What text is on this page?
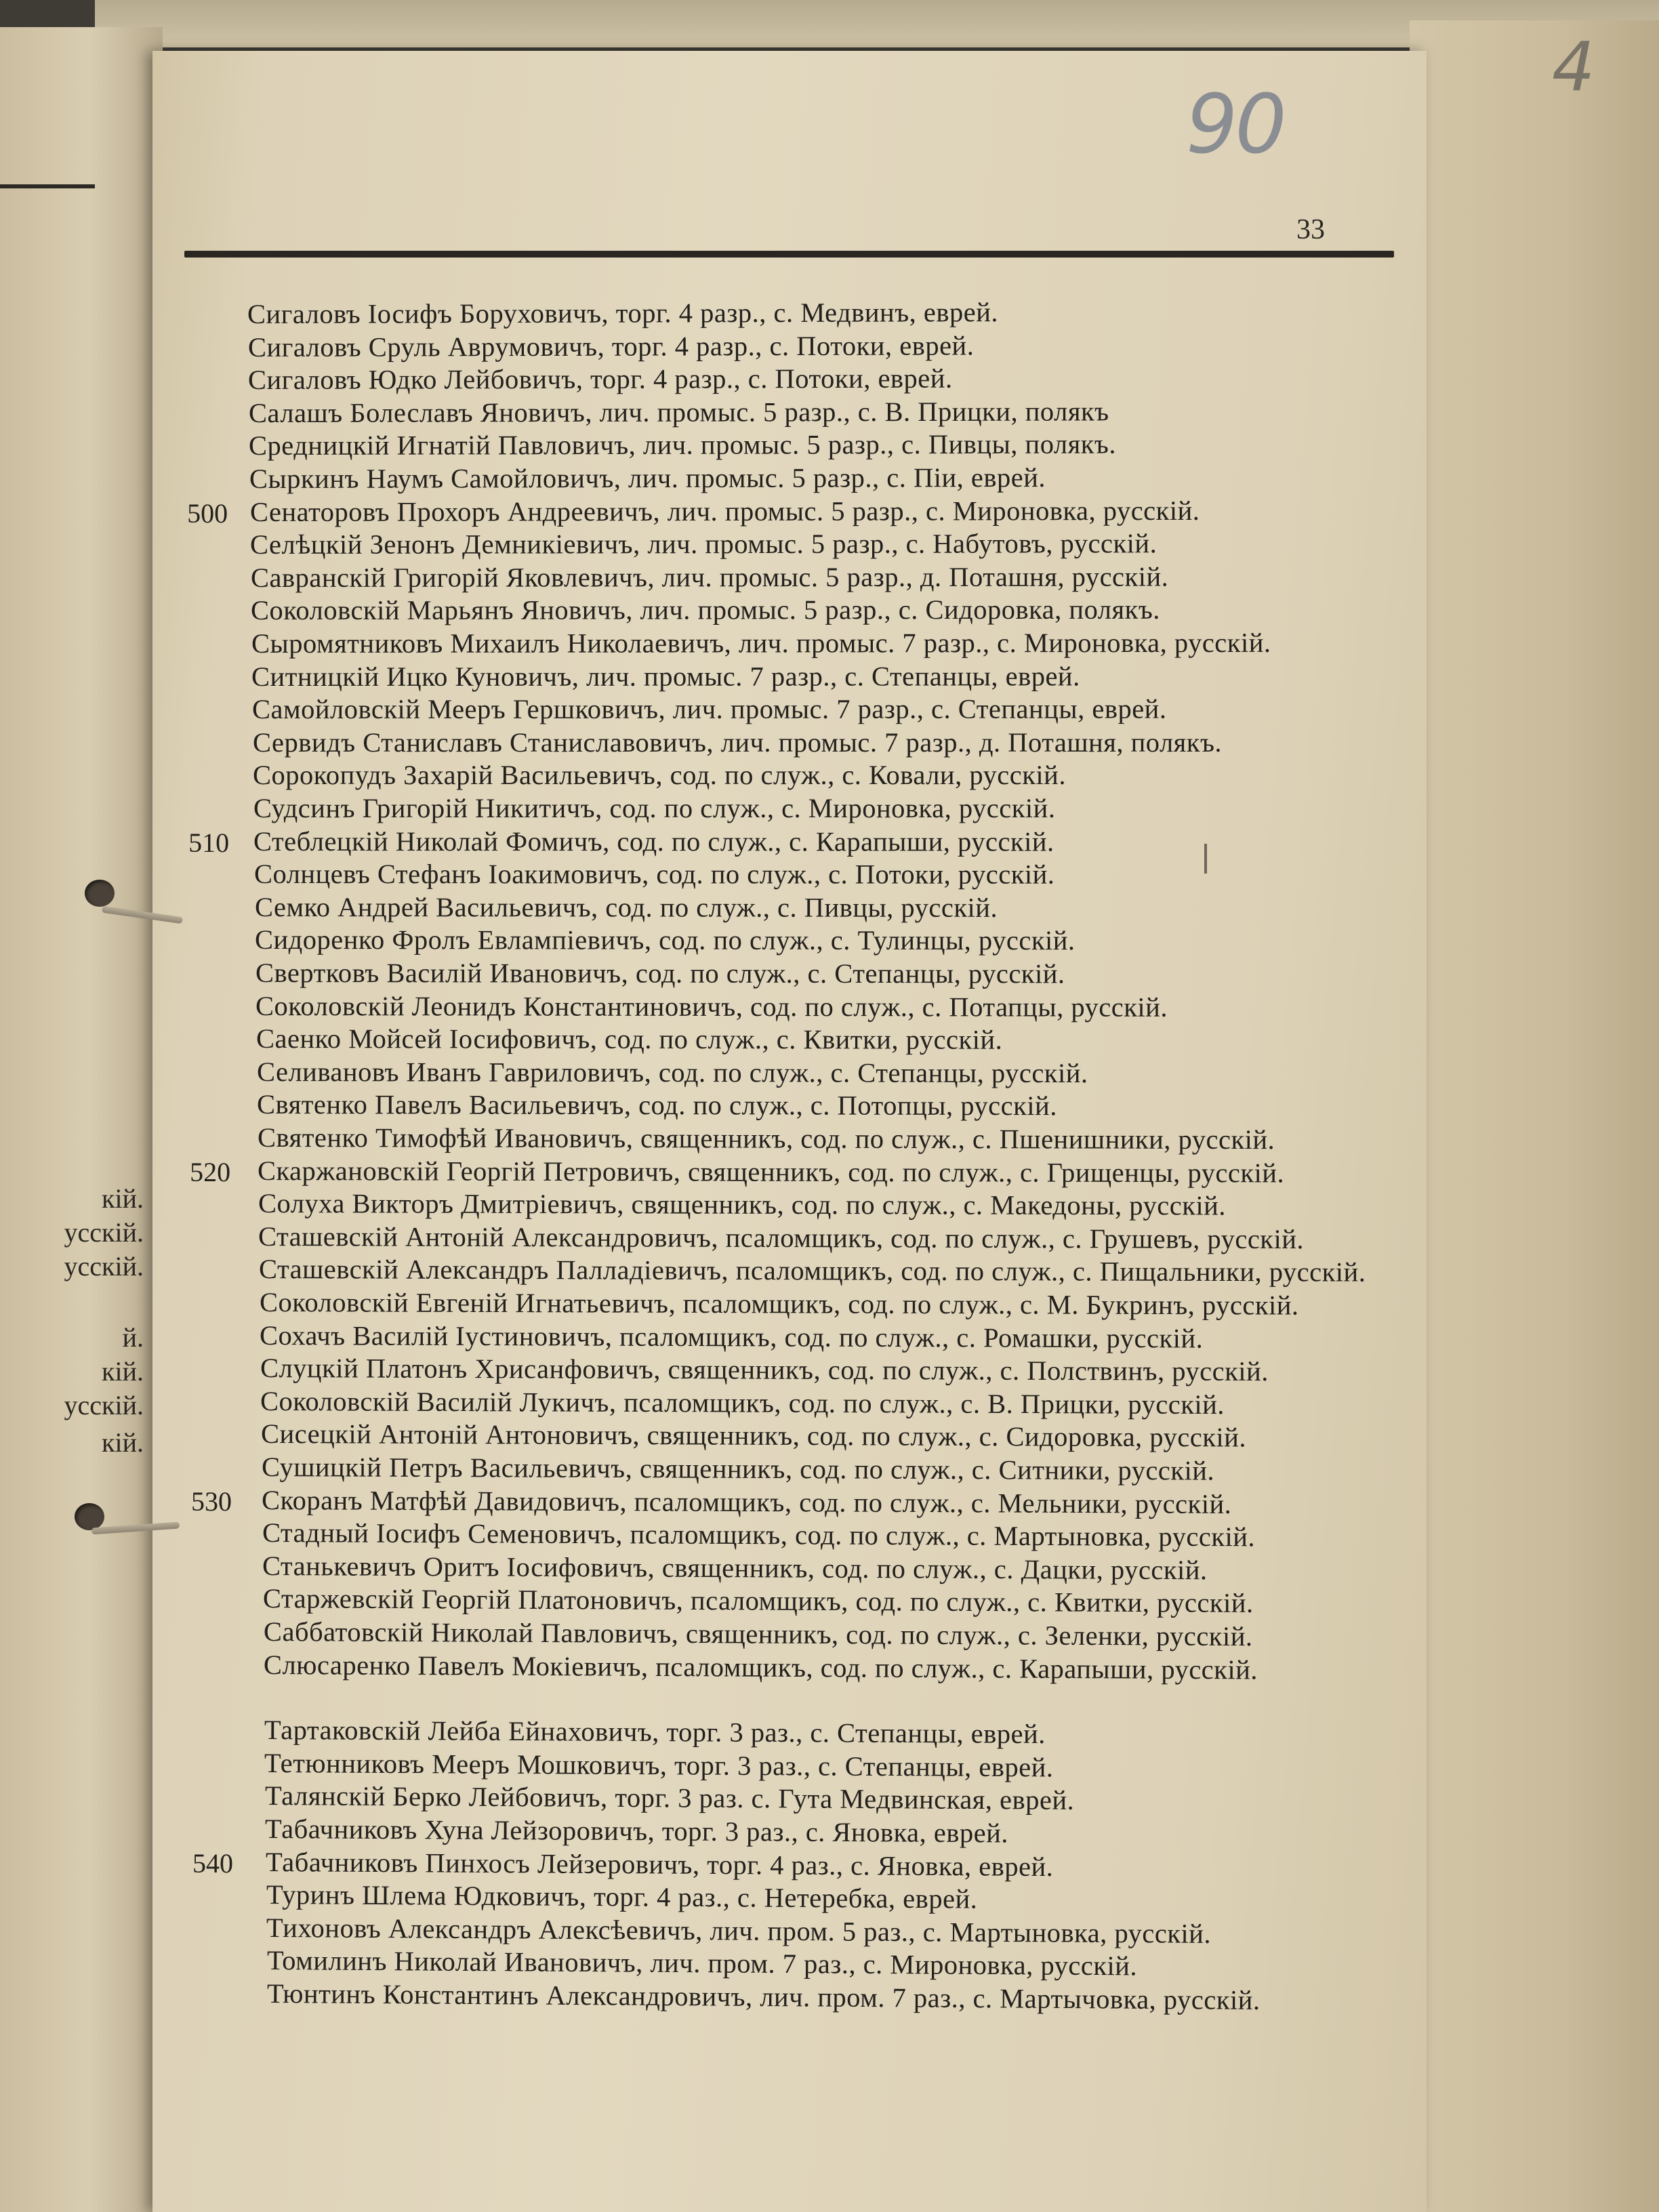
кій.
усскій.
усскій.
й.
кій.
усскій.
кій.
4
90
33
Сигаловъ Іосифъ Боруховичъ, торг. 4 разр., с. Медвинъ, еврей.
Сигаловъ Сруль Аврумовичъ, торг. 4 разр., с. Потоки, еврей.
Сигаловъ Юдко Лейбовичъ, торг. 4 разр., с. Потоки, еврей.
Салашъ Болеславъ Яновичъ, лич. промыс. 5 разр., с. В. Прицки, полякъ
Средницкій Игнатій Павловичъ, лич. промыс. 5 разр., с. Пивцы, полякъ.
Сыркинъ Наумъ Самойловичъ, лич. промыс. 5 разр., с. Піи, еврей.
Сенаторовъ Прохоръ Андреевичъ, лич. промыс. 5 разр., с. Мироновка, русскій.
500
Селѣцкій Зенонъ Демникіевичъ, лич. промыс. 5 разр., с. Набутовъ, русскій.
Савранскій Григорій Яковлевичъ, лич. промыс. 5 разр., д. Поташня, русскій.
Соколовскій Марьянъ Яновичъ, лич. промыс. 5 разр., с. Сидоровка, полякъ.
Сыромятниковъ Михаилъ Николаевичъ, лич. промыс. 7 разр., с. Мироновка, русскій.
Ситницкій Ицко Куновичъ, лич. промыс. 7 разр., с. Степанцы, еврей.
Самойловскій Мееръ Гершковичъ, лич. промыс. 7 разр., с. Степанцы, еврей.
Сервидъ Станиславъ Станиславовичъ, лич. промыс. 7 разр., д. Поташня, полякъ.
Сорокопудъ Захарій Васильевичъ, сод. по служ., с. Ковали, русскій.
Судсинъ Григорій Никитичъ, сод. по служ., с. Мироновка, русскій.
Стеблецкій Николай Фомичъ, сод. по служ., с. Карапыши, русскій.
510
Солнцевъ Стефанъ Іоакимовичъ, сод. по служ., с. Потоки, русскій.
Семко Андрей Васильевичъ, сод. по служ., с. Пивцы, русскій.
Сидоренко Фролъ Евлампіевичъ, сод. по служ., с. Тулинцы, русскій.
Свертковъ Василій Ивановичъ, сод. по служ., с. Степанцы, русскій.
Соколовскій Леонидъ Константиновичъ, сод. по служ., с. Потапцы, русскій.
Саенко Мойсей Іосифовичъ, сод. по служ., с. Квитки, русскій.
Селивановъ Иванъ Гавриловичъ, сод. по служ., с. Степанцы, русскій.
Святенко Павелъ Васильевичъ, сод. по служ., с. Потопцы, русскій.
Святенко Тимофѣй Ивановичъ, священникъ, сод. по служ., с. Пшенишники, русскій.
Скаржановскій Георгій Петровичъ, священникъ, сод. по служ., с. Грищенцы, русскій.
520
Солуха Викторъ Дмитріевичъ, священникъ, сод. по служ., с. Македоны, русскій.
Сташевскій Антоній Александровичъ, псаломщикъ, сод. по служ., с. Грушевъ, русскій.
Сташевскій Александръ Палладіевичъ, псаломщикъ, сод. по служ., с. Пищальники, русскій.
Соколовскій Евгеній Игнатьевичъ, псаломщикъ, сод. по служ., с. М. Букринъ, русскій.
Сохачъ Василій Іустиновичъ, псаломщикъ, сод. по служ., с. Ромашки, русскій.
Слуцкій Платонъ Хрисанфовичъ, священникъ, сод. по служ., с. Полствинъ, русскій.
Соколовскій Василій Лукичъ, псаломщикъ, сод. по служ., с. В. Прицки, русскій.
Сисецкій Антоній Антоновичъ, священникъ, сод. по служ., с. Сидоровка, русскій.
Сушицкій Петръ Васильевичъ, священникъ, сод. по служ., с. Ситники, русскій.
Скоранъ Матфѣй Давидовичъ, псаломщикъ, сод. по служ., с. Мельники, русскій.
530
Стадный Іосифъ Семеновичъ, псаломщикъ, сод. по служ., с. Мартыновка, русскій.
Станькевичъ Оритъ Іосифовичъ, священникъ, сод. по служ., с. Дацки, русскій.
Старжевскій Георгій Платоновичъ, псаломщикъ, сод. по служ., с. Квитки, русскій.
Саббатовскій Николай Павловичъ, священникъ, сод. по служ., с. Зеленки, русскій.
Слюсаренко Павелъ Мокіевичъ, псаломщикъ, сод. по служ., с. Карапыши, русскій.
Тартаковскій Лейба Ейнаховичъ, торг. 3 раз., с. Степанцы, еврей.
Тетюнниковъ Мееръ Мошковичъ, торг. 3 раз., с. Степанцы, еврей.
Талянскій Берко Лейбовичъ, торг. 3 раз. с. Гута Медвинская, еврей.
Табачниковъ Хуна Лейзоровичъ, торг. 3 раз., с. Яновка, еврей.
Табачниковъ Пинхосъ Лейзеровичъ, торг. 4 раз., с. Яновка, еврей.
540
Туринъ Шлема Юдковичъ, торг. 4 раз., с. Нетеребка, еврей.
Тихоновъ Александръ Алексѣевичъ, лич. пром. 5 раз., с. Мартыновка, русскій.
Томилинъ Николай Ивановичъ, лич. пром. 7 раз., с. Мироновка, русскій.
Тюнтинъ Константинъ Александровичъ, лич. пром. 7 раз., с. Мартычовка, русскій.
